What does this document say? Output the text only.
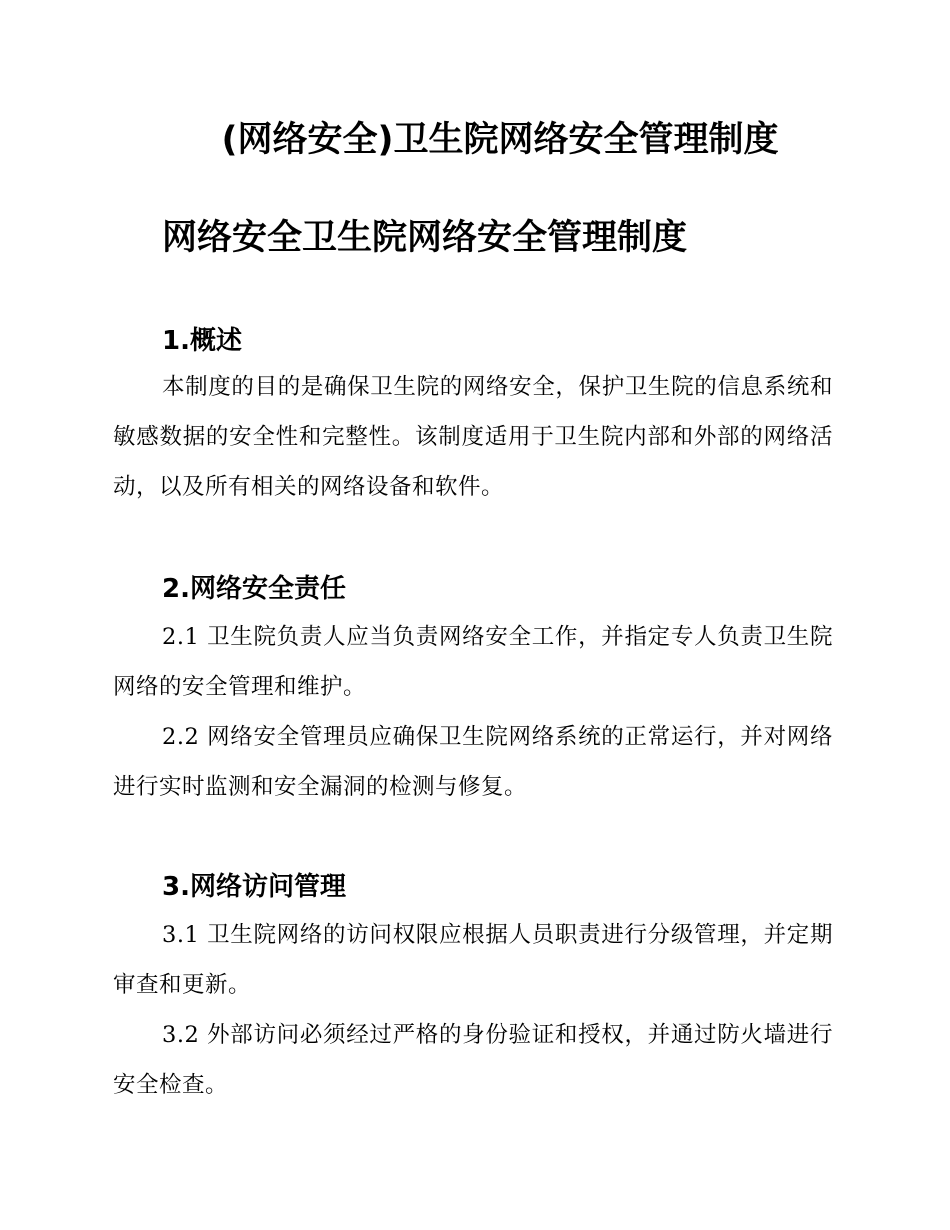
(网络安全)卫生院网络安全管理制度
网络安全卫生院网络安全管理制度
1.概述

本制度的目的是确保卫生院的网络安全，保护卫生院的信息系统和敏感数据的安全性和完整性。该制度适用于卫生院内部和外部的网络活动，以及所有相关的网络设备和软件。

2.网络安全责任

2.1 卫生院负责人应当负责网络安全工作，并指定专人负责卫生院网络的安全管理和维护。

2.2 网络安全管理员应确保卫生院网络系统的正常运行，并对网络进行实时监测和安全漏洞的检测与修复。

3.网络访问管理

3.1 卫生院网络的访问权限应根据人员职责进行分级管理，并定期审查和更新。

3.2 外部访问必须经过严格的身份验证和授权，并通过防火墙进行安全检查。
